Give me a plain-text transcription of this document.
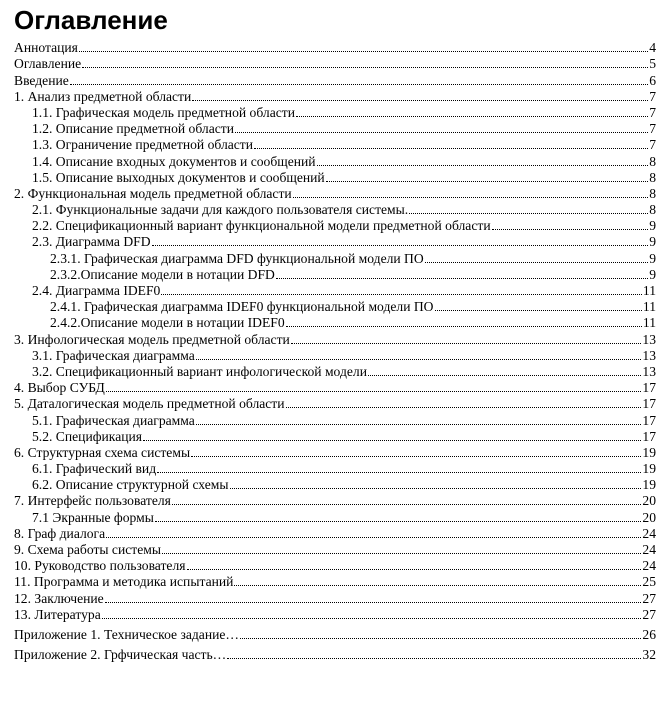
Оглавление
Аннотация	4
Оглавление	5
Введение	6
1. Анализ предметной области	7
1.1. Графическая модель предметной области	7
1.2. Описание предметной области	7
1.3. Ограничение предметной области	7
1.4. Описание входных документов и сообщений	8
1.5. Описание выходных документов и сообщений	8
2. Функциональная модель предметной области	8
2.1. Функциональные задачи для каждого пользователя системы.	8
2.2. Спецификационный вариант функциональной модели предметной области	9
2.3. Диаграмма DFD	9
2.3.1. Графическая диаграмма DFD функциональной модели ПО	9
2.3.2.Описание модели в нотации DFD	9
2.4. Диаграмма IDEF0	11
2.4.1. Графическая диаграмма IDEF0 функциональной модели ПО	11
2.4.2.Описание модели в нотации IDEF0	11
3. Инфологическая модель предметной области	13
3.1. Графическая диаграмма	13
3.2. Спецификационный вариант инфологической модели	13
4. Выбор СУБД	17
5. Даталогическая модель предметной области	17
5.1. Графическая диаграмма	17
5.2. Спецификация	17
6. Структурная схема системы	19
6.1. Графический вид	19
6.2. Описание структурной схемы	19
7. Интерфейс пользователя	20
7.1 Экранные формы	20
8. Граф диалога	24
9. Схема работы системы	24
10. Руководство пользователя	24
11. Программа и методика испытаний	25
12. Заключение	27
13. Литература	27
Приложение 1. Техническое задание…	26
Приложение 2. Грфчическая часть…	32
